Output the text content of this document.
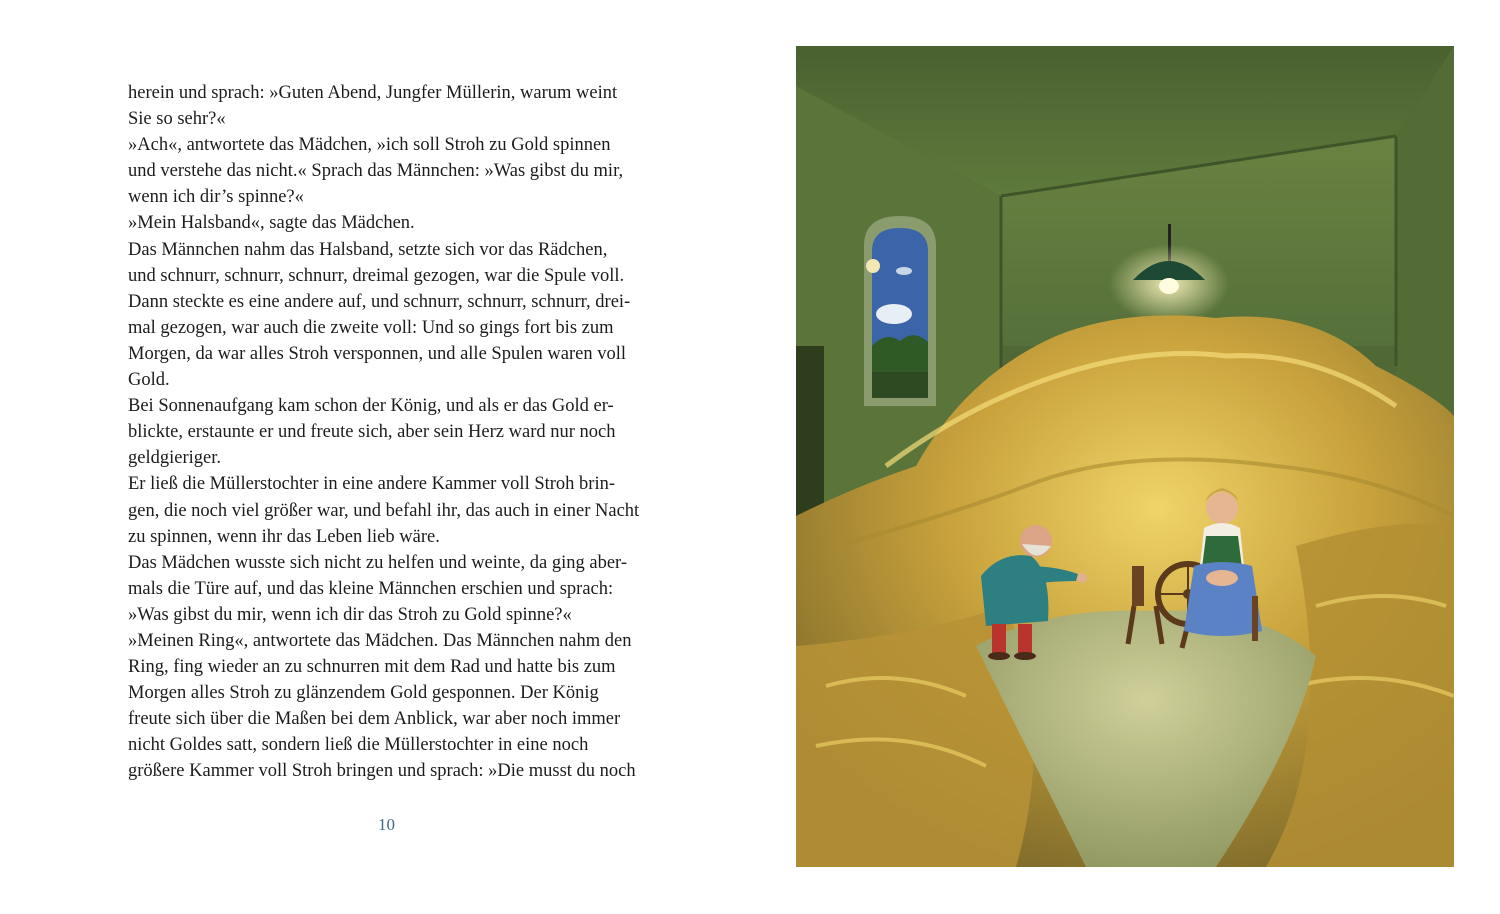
herein und sprach: »Guten Abend, Jungfer Müllerin, warum weint
Sie so sehr?«
»Ach«, antwortete das Mädchen, »ich soll Stroh zu Gold spinnen
und verstehe das nicht.« Sprach das Männchen: »Was gibst du mir,
wenn ich dir’s spinne?«
»Mein Halsband«, sagte das Mädchen.
Das Männchen nahm das Halsband, setzte sich vor das Rädchen,
und schnurr, schnurr, schnurr, dreimal gezogen, war die Spule voll.
Dann steckte es eine andere auf, und schnurr, schnurr, schnurr, drei-
mal gezogen, war auch die zweite voll: Und so gings fort bis zum
Morgen, da war alles Stroh versponnen, und alle Spulen waren voll
Gold.
Bei Sonnenaufgang kam schon der König, und als er das Gold er-
blickte, erstaunte er und freute sich, aber sein Herz ward nur noch
geldgieriger.
Er ließ die Müllerstochter in eine andere Kammer voll Stroh brin-
gen, die noch viel größer war, und befahl ihr, das auch in einer Nacht
zu spinnen, wenn ihr das Leben lieb wäre.
Das Mädchen wusste sich nicht zu helfen und weinte, da ging aber-
mals die Türe auf, und das kleine Männchen erschien und sprach:
»Was gibst du mir, wenn ich dir das Stroh zu Gold spinne?«
»Meinen Ring«, antwortete das Mädchen. Das Männchen nahm den
Ring, fing wieder an zu schnurren mit dem Rad und hatte bis zum
Morgen alles Stroh zu glänzendem Gold gesponnen. Der König
freute sich über die Maßen bei dem Anblick, war aber noch immer
nicht Goldes satt, sondern ließ die Müllerstochter in eine noch
größere Kammer voll Stroh bringen und sprach: »Die musst du noch
10
